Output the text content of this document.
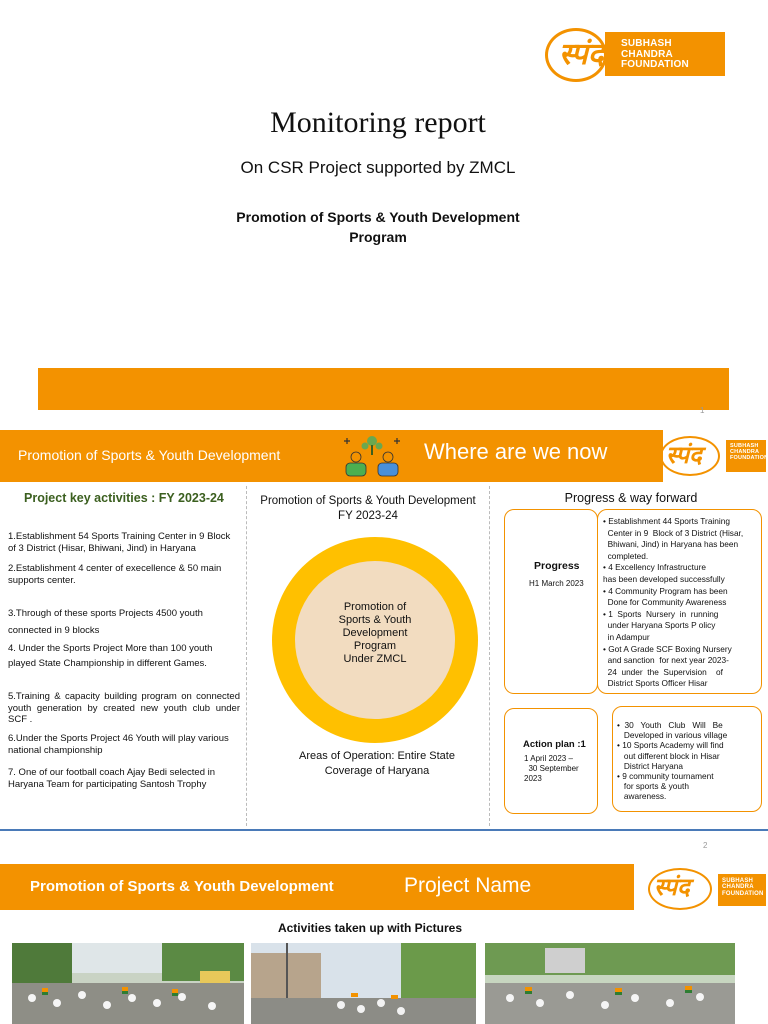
स्पंद SUBHASH
CHANDRA
FOUNDATION
Monitoring report
On CSR Project supported by ZMCL
Promotion of Sports & Youth Development
Program
1
Promotion of Sports & Youth Development	Where are we now स्पंद	SUBHASH
CHANDRA
FOUNDATION
Project key activities : FY 2023-24
1.Establishment 54 Sports Training Center in 9 Block of 3 District (Hisar, Bhiwani, Jind) in Haryana
2.Establishment 4 center of execellence & 50 main supports center.
3.Through of these sports Projects 4500 youth connected in 9 blocks
4. Under the Sports Project More than 100 youth played State Championship in different Games.
5.Training & capacity building program on connected youth generation by created new youth club under SCF .
6.Under the Sports Project 46 Youth will play various national championship
7. One of our football coach Ajay Bedi selected in Haryana Team for participating Santosh Trophy
Promotion of Sports & Youth Development
FY 2023-24
Promotion of
Sports & Youth
Development
Program
Under ZMCL
Areas of Operation: Entire State
Coverage of Haryana
Progress & way forward
Progress
H1 March 2023
• Establishment 44 Sports Training
Center in 9  Block of 3 District (Hisar,
Bhiwani, Jind) in Haryana has been
completed.
• 4 Excellency Infrastructure
has been developed successfully
• 4 Community Program has been
Done for Community Awareness
• 1  Sports  Nursery  in  running
under Haryana Sports P olicy
in Adampur
• Got A Grade SCF Boxing Nursery
and sanction  for next year 2023-
24  under  the  Supervision    of
District Sports Officer Hisar
Action plan :1
1 April 2023 –
30 September
2023
•  30   Youth   Club   Will   Be
Developed in various village
• 10 Sports Academy will find
out different block in Hisar
District Haryana
• 9 community tournament
for sports & youth
awareness.
2
Promotion of Sports & Youth Development	Project Name	स्पंद	SUBHASH
CHANDRA
FOUNDATION
Activities taken up with Pictures
